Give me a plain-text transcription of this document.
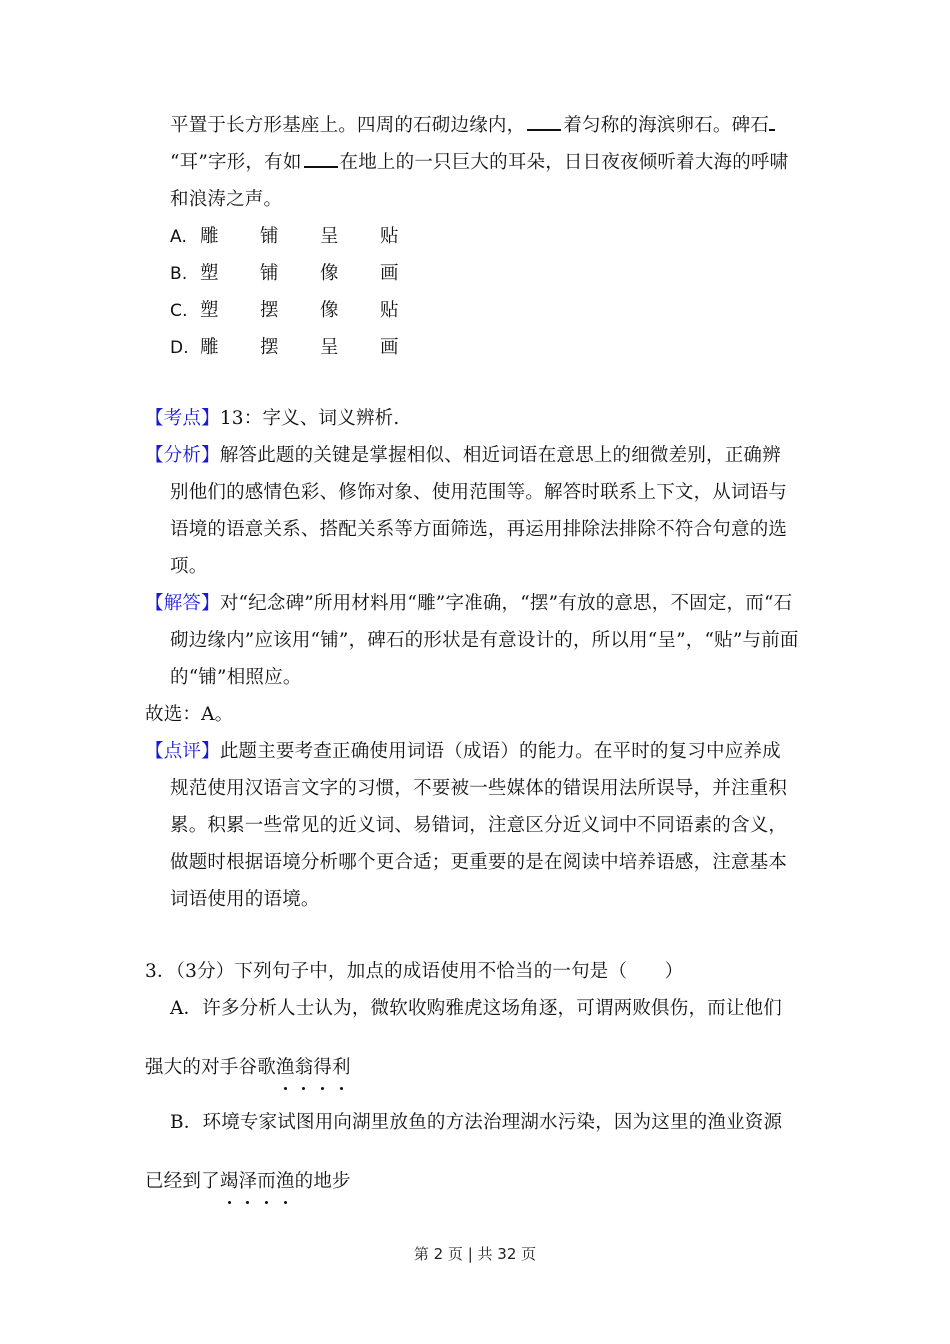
平置于长方形基座上。四周的石砌边缘内， 着匀称的海滨卵石。碑石
“耳”字形，有如 在地上的一只巨大的耳朵，日日夜夜倾听着大海的呼啸
和浪涛之声。
A. 雕 铺 呈 贴
B. 塑 铺 像 画
C. 塑 摆 像 贴
D. 雕 摆 呈 画
【考点】13：字义、词义辨析.
【分析】解答此题的关键是掌握相似、相近词语在意思上的细微差别，正确辨
别他们的感情色彩、修饰对象、使用范围等。解答时联系上下文，从词语与
语境的语意关系、搭配关系等方面筛选，再运用排除法排除不符合句意的选
项。
【解答】对“纪念碑”所用材料用“雕”字准确，“摆”有放的意思，不固定，而“石
砌边缘内”应该用“铺”，碑石的形状是有意设计的，所以用“呈”，“贴”与前面
的“铺”相照应。
故选：A。
【点评】此题主要考查正确使用词语（成语）的能力。在平时的复习中应养成
规范使用汉语言文字的习惯，不要被一些媒体的错误用法所误导，并注重积
累。积累一些常见的近义词、易错词，注意区分近义词中不同语素的含义，
做题时根据语境分析哪个更合适；更重要的是在阅读中培养语感，注意基本
词语使用的语境。
3．（3分）下列句子中，加点的成语使用不恰当的一句是（　　）
A．许多分析人士认为，微软收购雅虎这场角逐，可谓两败俱伤，而让他们
强大的对手谷歌渔翁得利
B．环境专家试图用向湖里放鱼的方法治理湖水污染，因为这里的渔业资源
已经到了竭泽而渔的地步
第 2 页 | 共 32 页
